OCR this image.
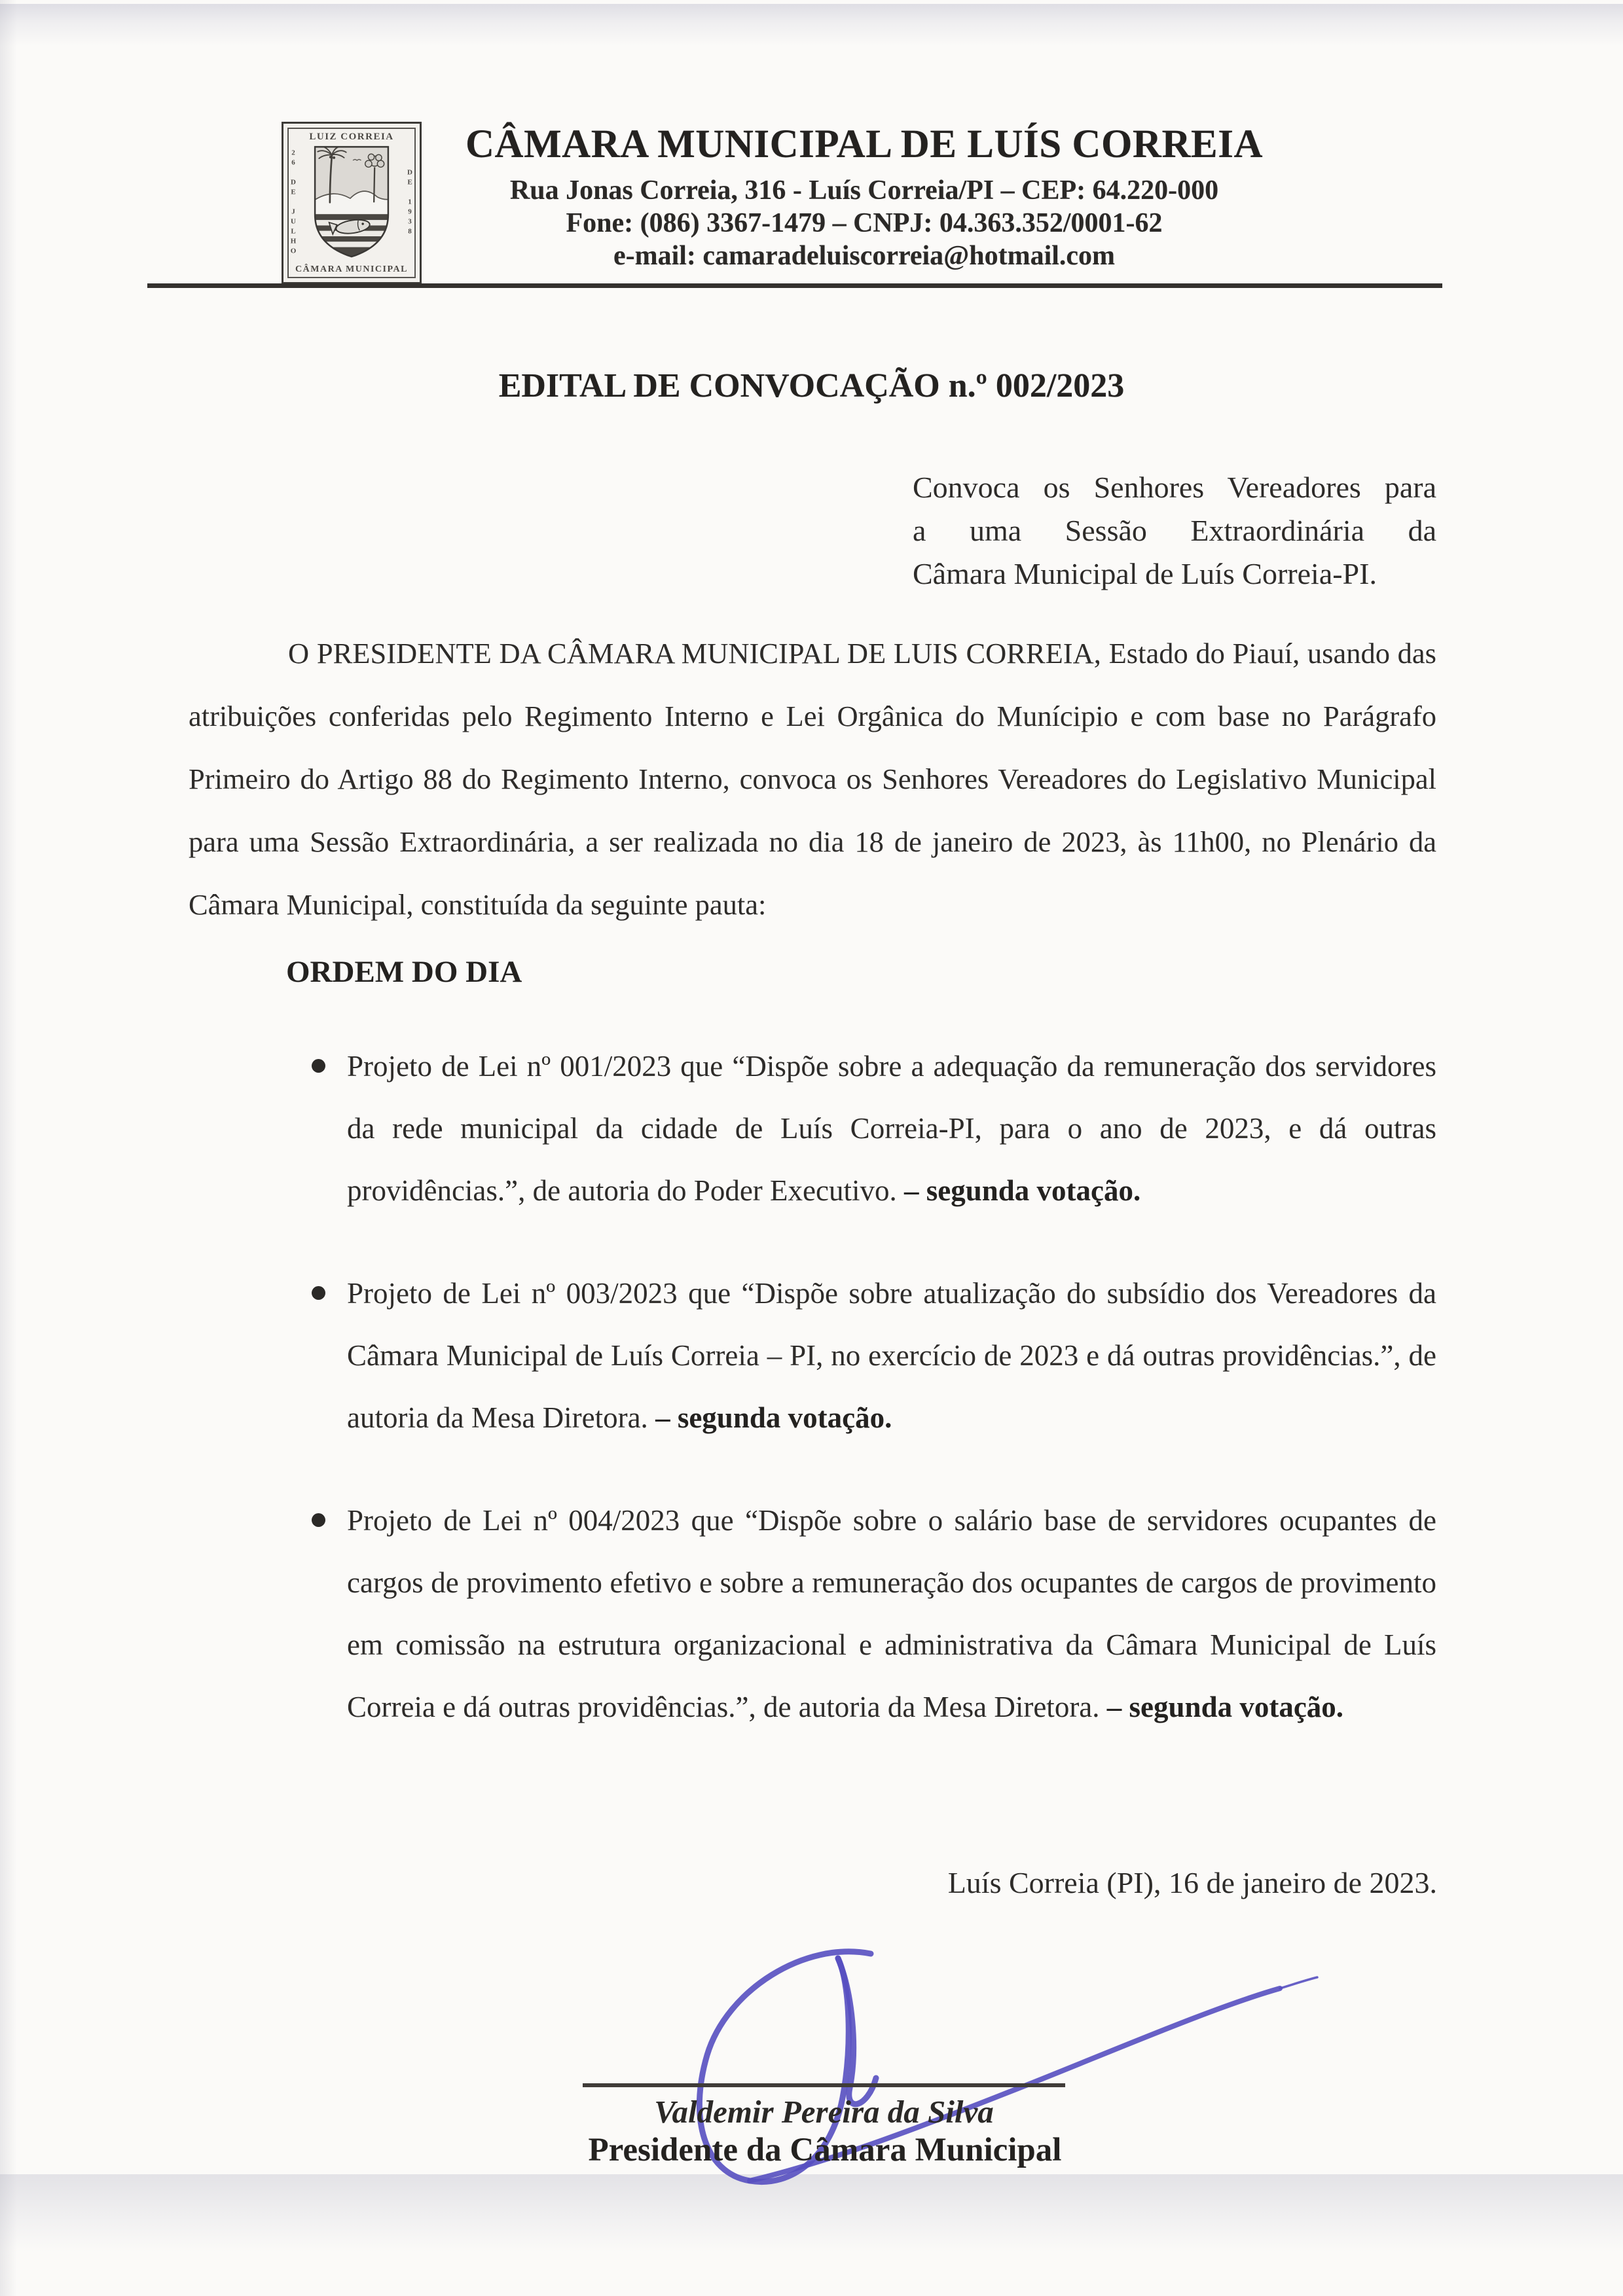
LUIZ CORREIA
26 DE JULHO	DE 1938
CÂMARA MUNICIPAL
CÂMARA MUNICIPAL DE LUÍS CORREIA
Rua Jonas Correia, 316 - Luís Correia/PI – CEP: 64.220-000
Fone: (086) 3367-1479 – CNPJ: 04.363.352/0001-62
e-mail: camaradeluiscorreia@hotmail.com
EDITAL DE CONVOCAÇÃO n.º 002/2023
Convoca os Senhores Vereadores para
a uma Sessão Extraordinária da
Câmara Municipal de Luís Correia-PI.

O PRESIDENTE DA CÂMARA MUNICIPAL DE LUIS CORREIA, Estado do Piauí, usando das atribuições conferidas pelo Regimento Interno e Lei Orgânica do Munícipio e com base no Parágrafo Primeiro do Artigo 88 do Regimento Interno, convoca os Senhores Vereadores do Legislativo Municipal para uma Sessão Extraordinária, a ser realizada no dia 18 de janeiro de 2023, às 11h00, no Plenário da Câmara Municipal, constituída da seguinte pauta:

ORDEM DO DIA
Projeto de Lei nº 001/2023 que “Dispõe sobre a adequação da remuneração dos servidores da rede municipal da cidade de Luís Correia-PI, para o ano de 2023, e dá outras providências.”, de autoria do Poder Executivo. – segunda votação.
Projeto de Lei nº 003/2023 que “Dispõe sobre atualização do subsídio dos Vereadores da Câmara Municipal de Luís Correia – PI, no exercício de 2023 e dá outras providências.”, de autoria da Mesa Diretora. – segunda votação.
Projeto de Lei nº 004/2023 que “Dispõe sobre o salário base de servidores ocupantes de cargos de provimento efetivo e sobre a remuneração dos ocupantes de cargos de provimento em comissão na estrutura organizacional e administrativa da Câmara Municipal de Luís Correia e dá outras providências.”, de autoria da Mesa Diretora. – segunda votação.
Luís Correia (PI), 16 de janeiro de 2023.
Valdemir Pereira da Silva
Presidente da Câmara Municipal
